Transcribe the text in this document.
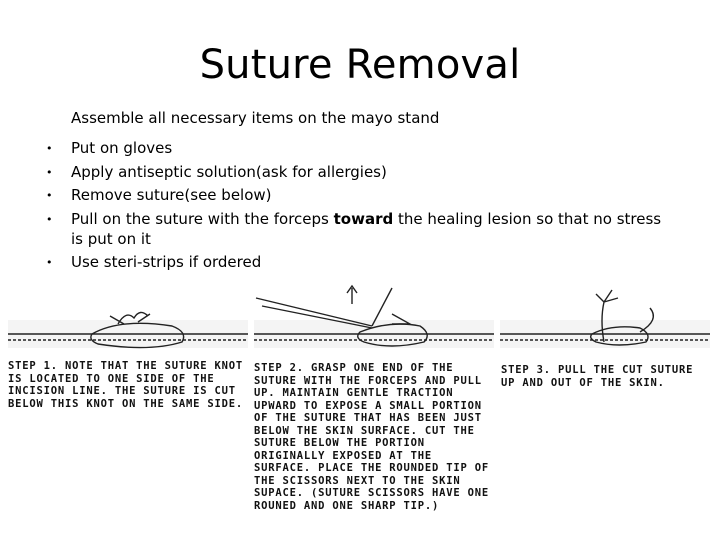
Suture Removal
Assemble all necessary items on the mayo stand
•	Put on gloves
•	Apply antiseptic solution(ask for allergies)
•	Remove suture(see below)
•	Pull on the suture with the forceps toward the healing lesion so that no stress is put on it
•	Use steri-strips if ordered
STEP 1. NOTE THAT THE SUTURE KNOT IS LOCATED TO ONE SIDE OF THE INCISION LINE. THE SUTURE IS CUT BELOW THIS KNOT ON THE SAME SIDE.
STEP 2. GRASP ONE END OF THE SUTURE WITH THE FORCEPS AND PULL UP. MAINTAIN GENTLE TRACTION UPWARD TO EXPOSE A SMALL PORTION OF THE SUTURE THAT HAS BEEN JUST BELOW THE SKIN SURFACE. CUT THE SUTURE BELOW THE PORTION ORIGINALLY EXPOSED AT THE SURFACE. PLACE THE ROUNDED TIP OF THE SCISSORS NEXT TO THE SKIN SUPACE. (SUTURE SCISSORS HAVE ONE ROUNED AND ONE SHARP TIP.)
STEP 3. PULL THE CUT SUTURE UP AND OUT OF THE SKIN.
